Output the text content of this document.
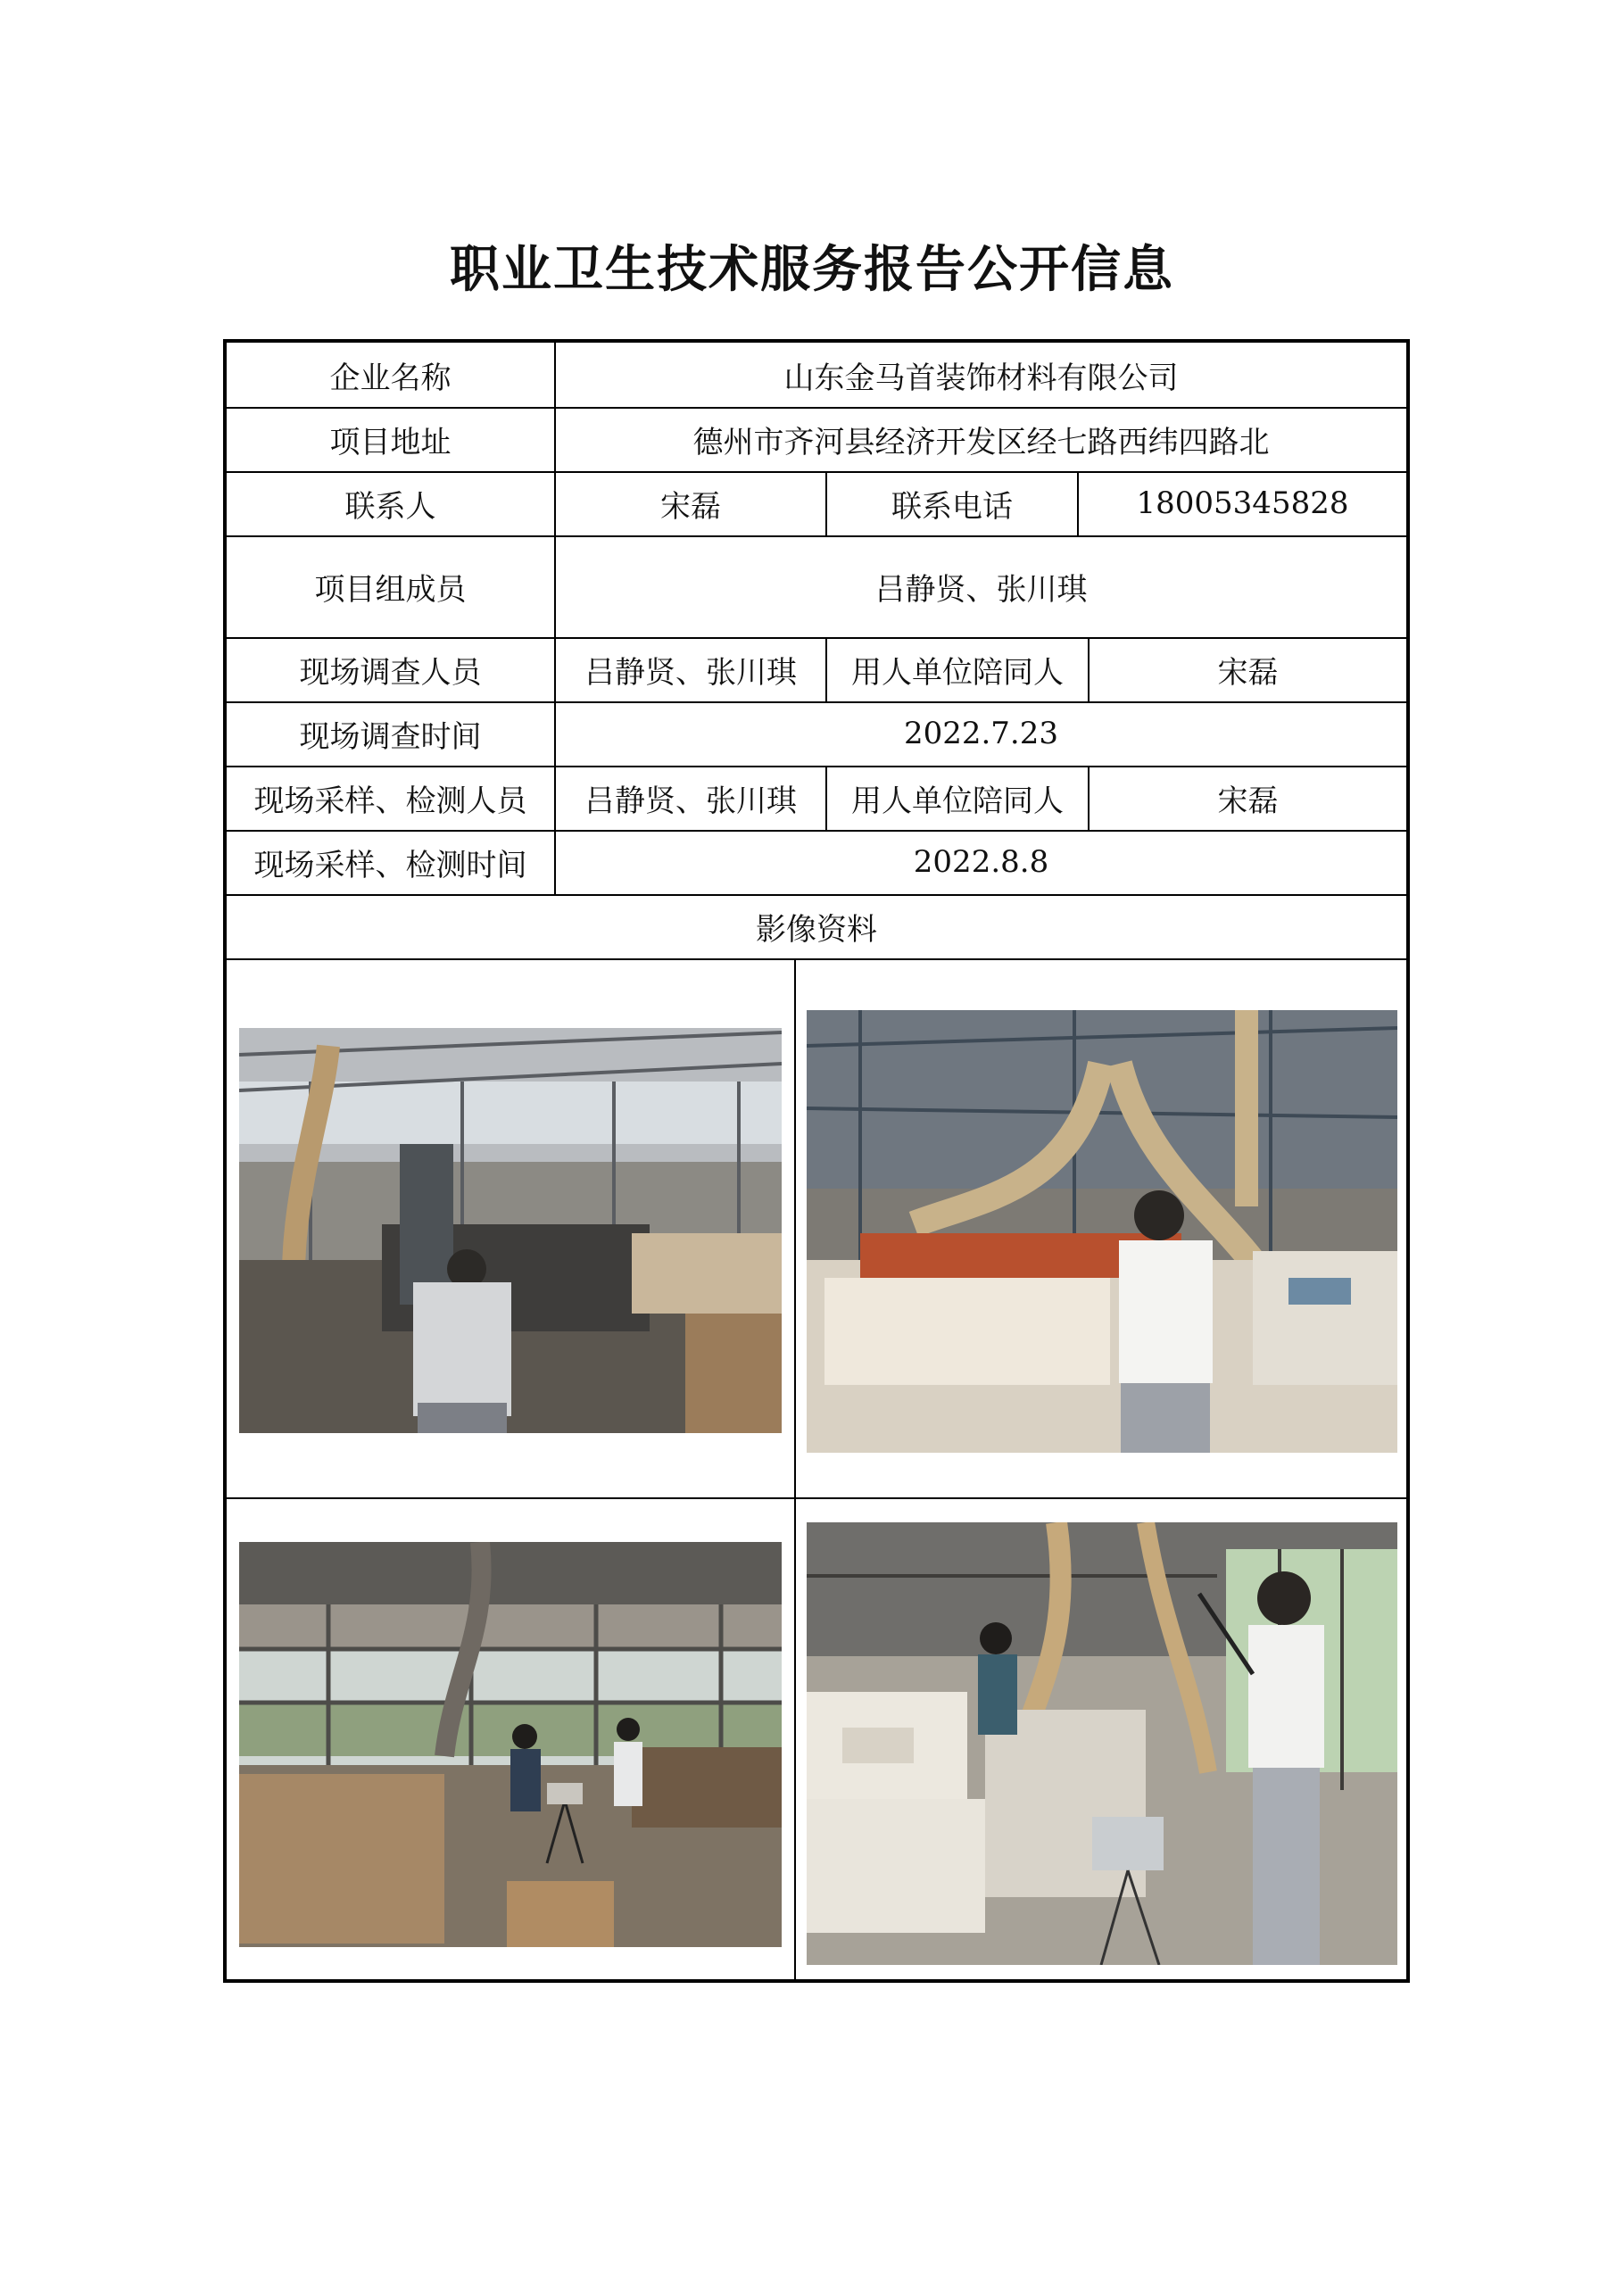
职业卫生技术服务报告公开信息
企业名称	山东金马首装饰材料有限公司
项目地址	德州市齐河县经济开发区经七路西纬四路北
联系人	宋磊	联系电话	18005345828
项目组成员	吕静贤、张川琪
现场调查人员	吕静贤、张川琪	用人单位陪同人	宋磊
现场调查时间	2022.7.23
现场采样、检测人员	吕静贤、张川琪	用人单位陪同人	宋磊
现场采样、检测时间	2022.8.8
影像资料
